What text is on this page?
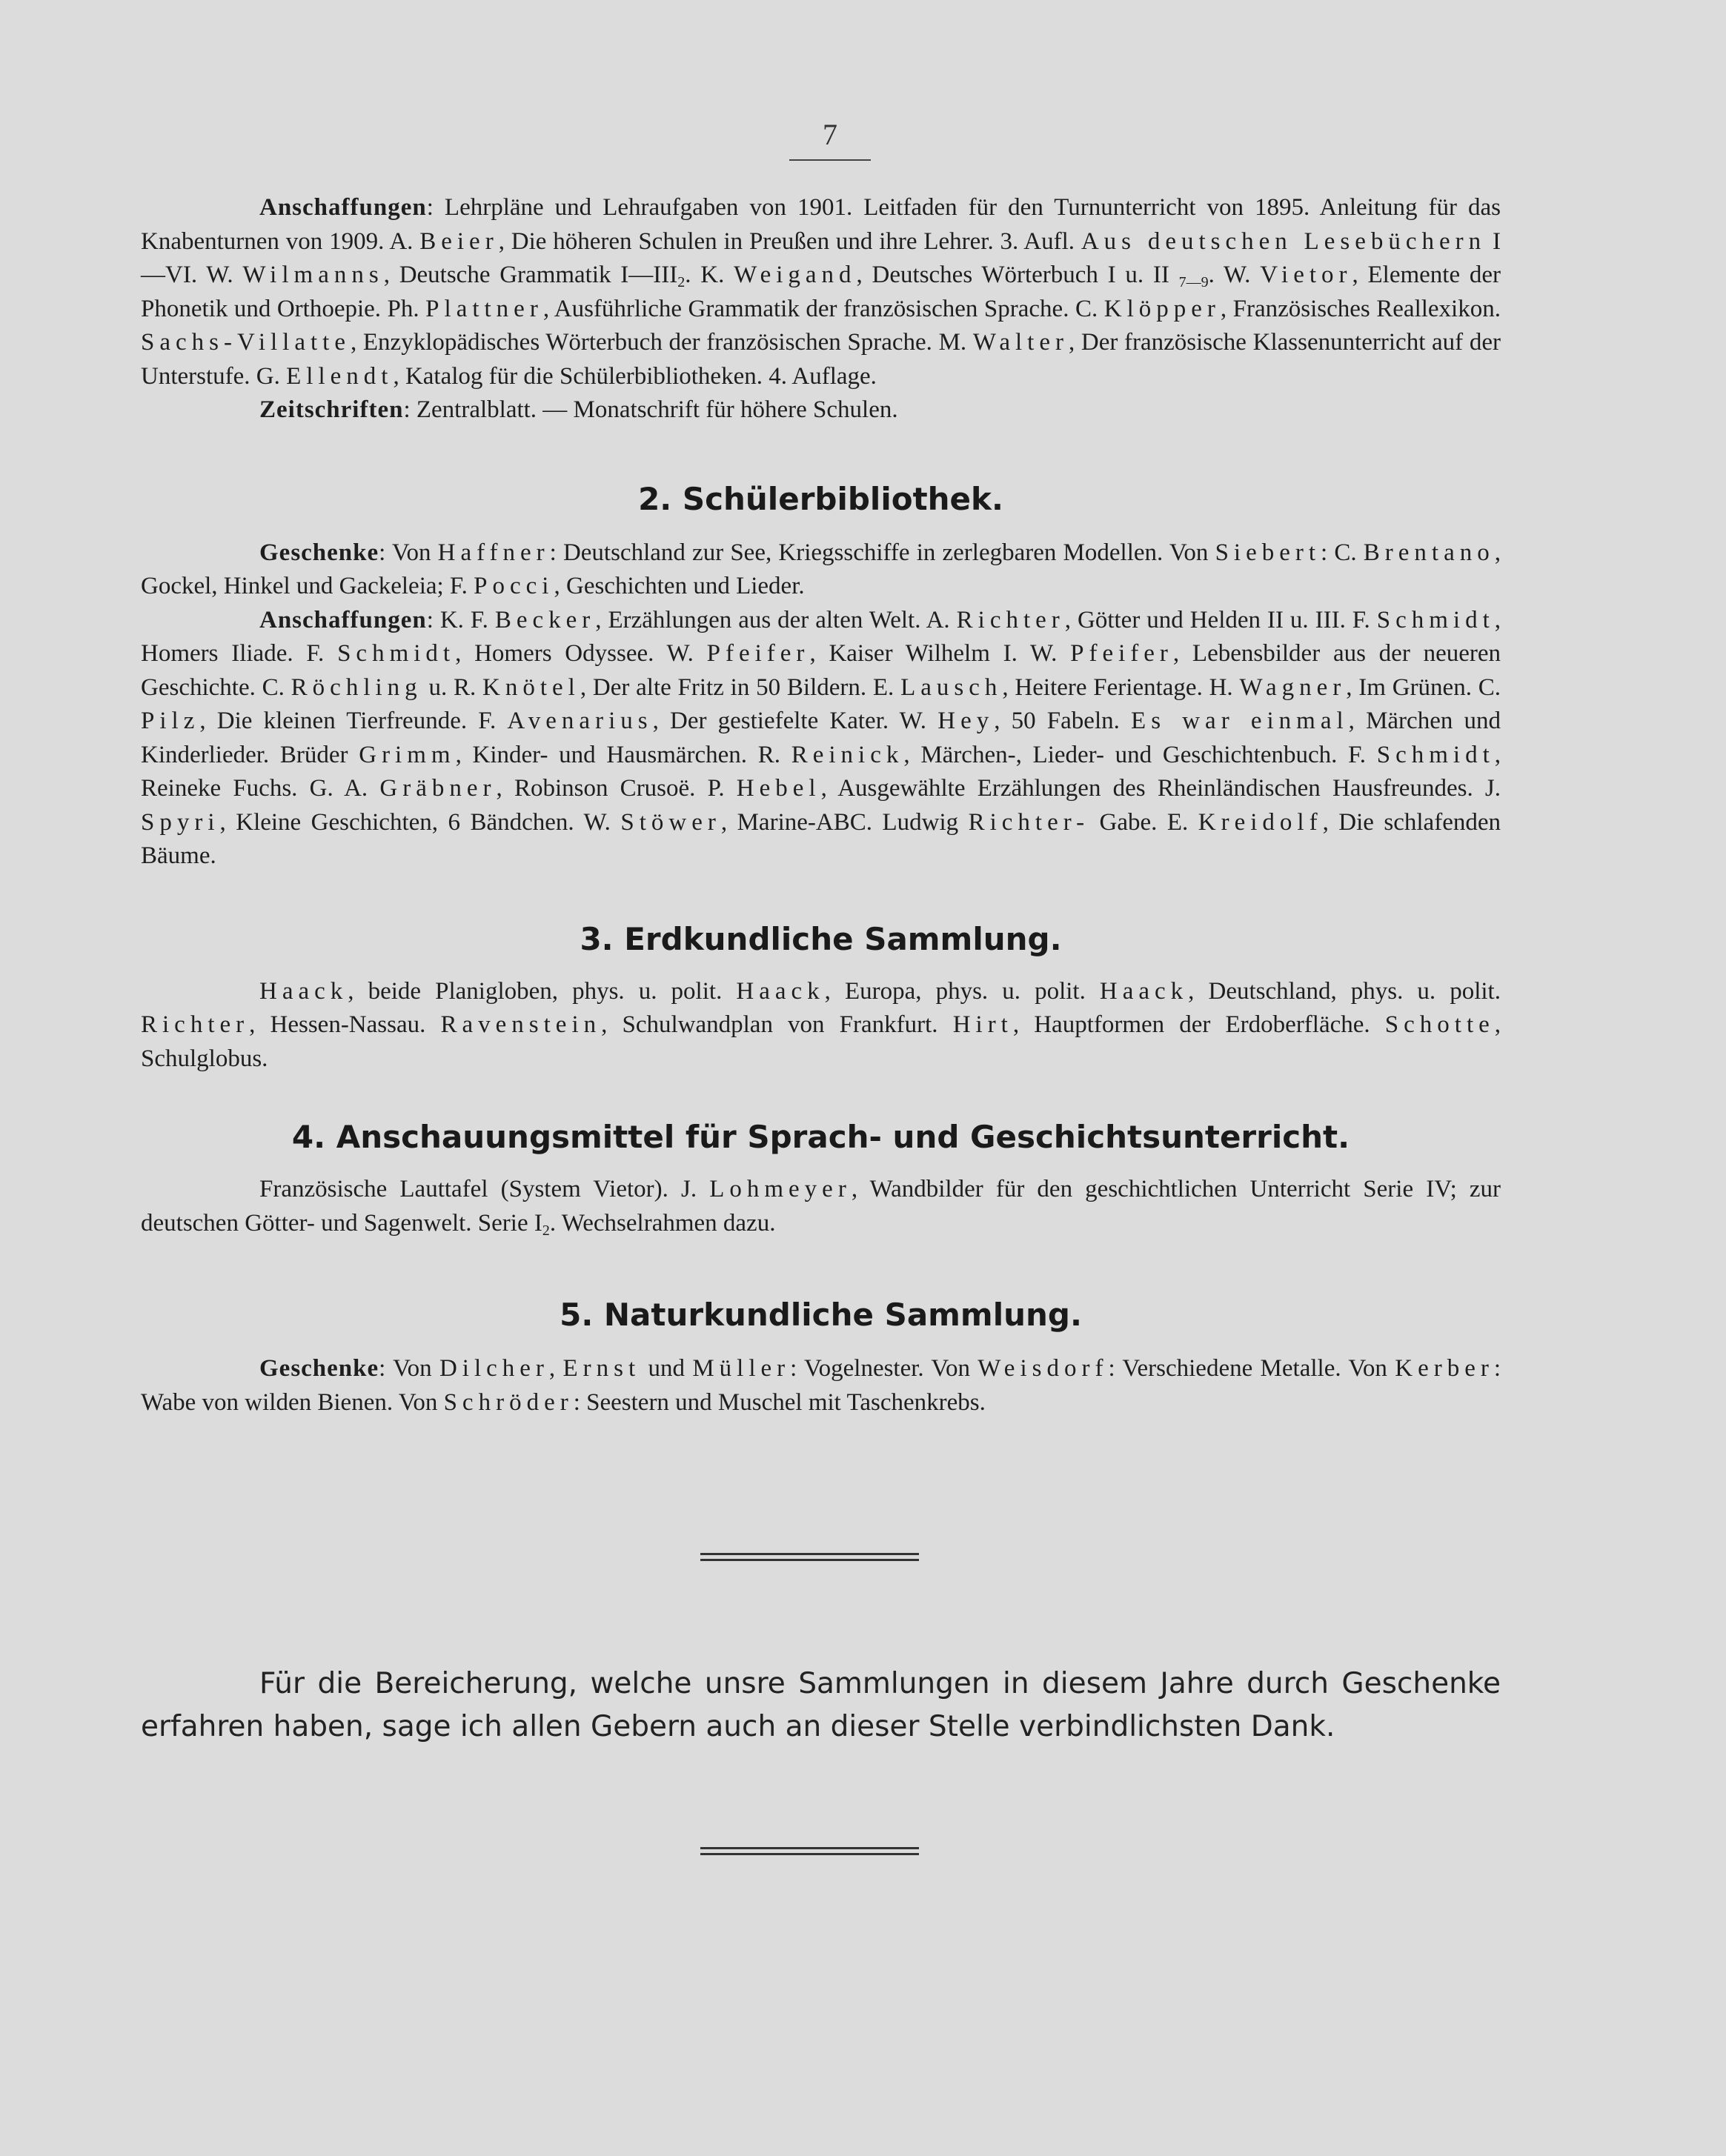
7

Anschaffungen: Lehrpläne und Lehraufgaben von 1901. Leitfaden für den Turnunterricht von 1895. Anleitung für das Knabenturnen von 1909. A. Beier, Die höheren Schulen in Preußen und ihre Lehrer. 3. Aufl. Aus deutschen Lesebüchern I—VI. W. Wilmanns, Deutsche Grammatik $I—III_2$. K. Weigand, Deutsches Wörterbuch I u. II $_{7—9}$. W. Vietor, Elemente der Phonetik und Orthoepie. Ph. Plattner, Ausführliche Grammatik der französischen Sprache. C. Klöpper, Französisches Reallexikon. Sachs-Villatte, Enzyklopädisches Wörterbuch der französischen Sprache. M. Walter, Der französische Klassenunterricht auf der Unterstufe. G. Ellendt, Katalog für die Schülerbibliotheken. 4. Auflage.

Zeitschriften: Zentralblatt. — Monatschrift für höhere Schulen.

2. Schülerbibliothek.

Geschenke: Von Haffner: Deutschland zur See, Kriegsschiffe in zerlegbaren Modellen. Von Siebert: C. Brentano, Gockel, Hinkel und Gackeleia; F. Pocci, Geschichten und Lieder.

Anschaffungen: K. F. Becker, Erzählungen aus der alten Welt. A. Richter, Götter und Helden II u. III. F. Schmidt, Homers Iliade. F. Schmidt, Homers Odyssee. W. Pfeifer, Kaiser Wilhelm I. W. Pfeifer, Lebensbilder aus der neueren Geschichte. C. Röchling u. R. Knötel, Der alte Fritz in 50 Bildern. E. Lausch, Heitere Ferientage. H. Wagner, Im Grünen. C. Pilz, Die kleinen Tierfreunde. F. Avenarius, Der gestiefelte Kater. W. Hey, 50 Fabeln. Es war einmal, Märchen und Kinderlieder. Brüder Grimm, Kinder- und Hausmärchen. R. Reinick, Märchen-, Lieder- und Geschichtenbuch. F. Schmidt, Reineke Fuchs. G. A. Gräbner, Robinson Crusoë. P. Hebel, Ausgewählte Erzählungen des Rheinländischen Hausfreundes. J. Spyri, Kleine Geschichten, 6 Bändchen. W. Stöwer, Marine-ABC. Ludwig Richter- Gabe. E. Kreidolf, Die schlafenden Bäume.

3. Erdkundliche Sammlung.

Haack, beide Planigloben, phys. u. polit. Haack, Europa, phys. u. polit. Haack, Deutschland, phys. u. polit. Richter, Hessen-Nassau. Ravenstein, Schulwandplan von Frankfurt. Hirt, Hauptformen der Erdoberfläche. Schotte, Schulglobus.

4. Anschauungsmittel für Sprach- und Geschichtsunterricht.

Französische Lauttafel (System Vietor). J. Lohmeyer, Wandbilder für den geschichtlichen Unterricht Serie IV; zur deutschen Götter- und Sagenwelt. Serie $I_2$. Wechselrahmen dazu.

5. Naturkundliche Sammlung.

Geschenke: Von Dilcher, Ernst und Müller: Vogelnester. Von Weisdorf: Verschiedene Metalle. Von Kerber: Wabe von wilden Bienen. Von Schröder: Seestern und Muschel mit Taschenkrebs.

Für die Bereicherung, welche unsre Sammlungen in diesem Jahre durch Geschenke erfahren haben, sage ich allen Gebern auch an dieser Stelle verbindlichsten Dank.
